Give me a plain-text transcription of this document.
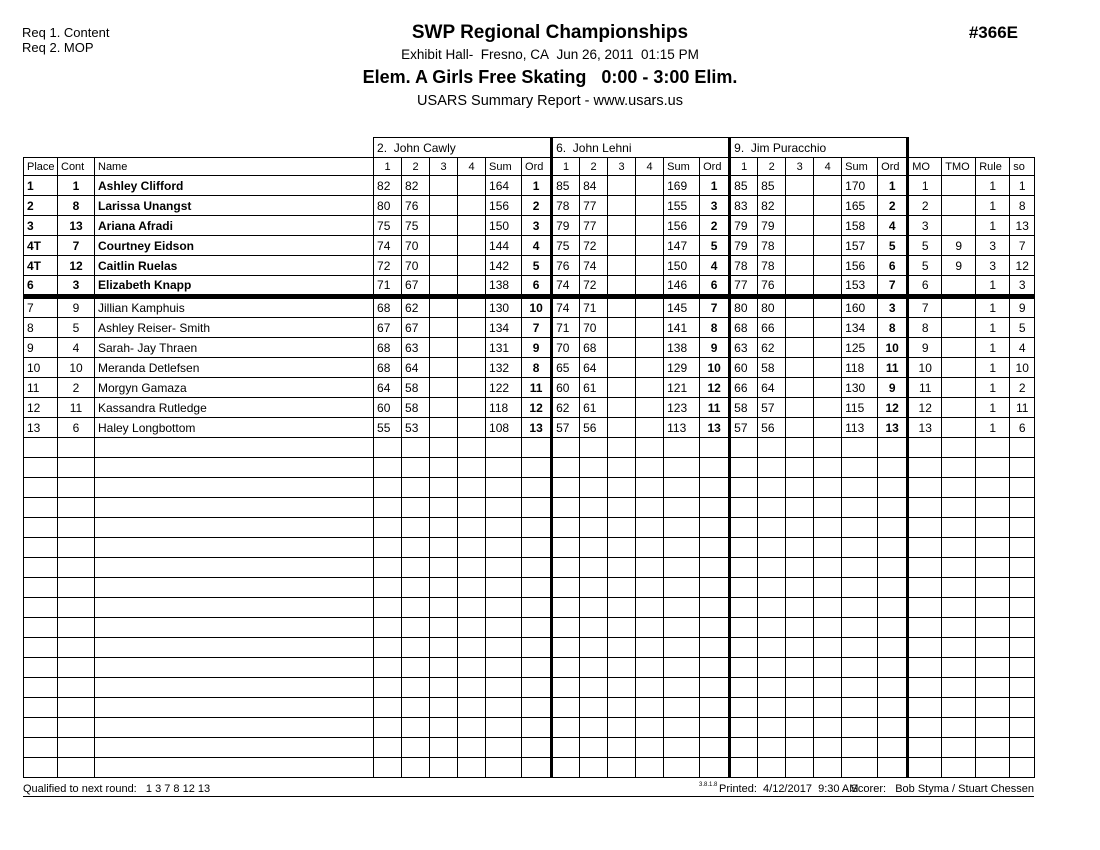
Req 1. Content
Req 2. MOP
#366E
SWP Regional Championships
Exhibit Hall-  Fresno, CA  Jun 26, 2011  01:15 PM
Elem. A Girls Free Skating   0:00 - 3:00 Elim.
USARS Summary Report - www.usars.us
			2.  John Cawly						6.  John Lehni						9.  Jim Puracchio									
Place	Cont	Name	1	2	3	4	Sum	Ord	1	2	3	4	Sum	Ord	1	2	3	4	Sum	Ord	MO	TMO	Rule	so
1	1	Ashley Clifford	82	82			164	1	85	84			169	1	85	85			170	1	1		1	1
2	8	Larissa Unangst	80	76			156	2	78	77			155	3	83	82			165	2	2		1	8
3	13	Ariana Afradi	75	75			150	3	79	77			156	2	79	79			158	4	3		1	13
4T	7	Courtney Eidson	74	70			144	4	75	72			147	5	79	78			157	5	5	9	3	7
4T	12	Caitlin Ruelas	72	70			142	5	76	74			150	4	78	78			156	6	5	9	3	12
6	3	Elizabeth Knapp	71	67			138	6	74	72			146	6	77	76			153	7	6		1	3
7	9	Jillian Kamphuis	68	62			130	10	74	71			145	7	80	80			160	3	7		1	9
8	5	Ashley Reiser- Smith	67	67			134	7	71	70			141	8	68	66			134	8	8		1	5
9	4	Sarah- Jay Thraen	68	63			131	9	70	68			138	9	63	62			125	10	9		1	4
10	10	Meranda Detlefsen	68	64			132	8	65	64			129	10	60	58			118	11	10		1	10
11	2	Morgyn Gamaza	64	58			122	11	60	61			121	12	66	64			130	9	11		1	2
12	11	Kassandra Rutledge	60	58			118	12	62	61			123	11	58	57			115	12	12		1	11
13	6	Haley Longbottom	55	53			108	13	57	56			113	13	57	56			113	13	13		1	6

Qualified to next round:   1 3 7 8 12 13	3.8.1.8 Printed:  4/12/2017  9:30 AM
Scorer:   Bob Styma / Stuart Chessen
